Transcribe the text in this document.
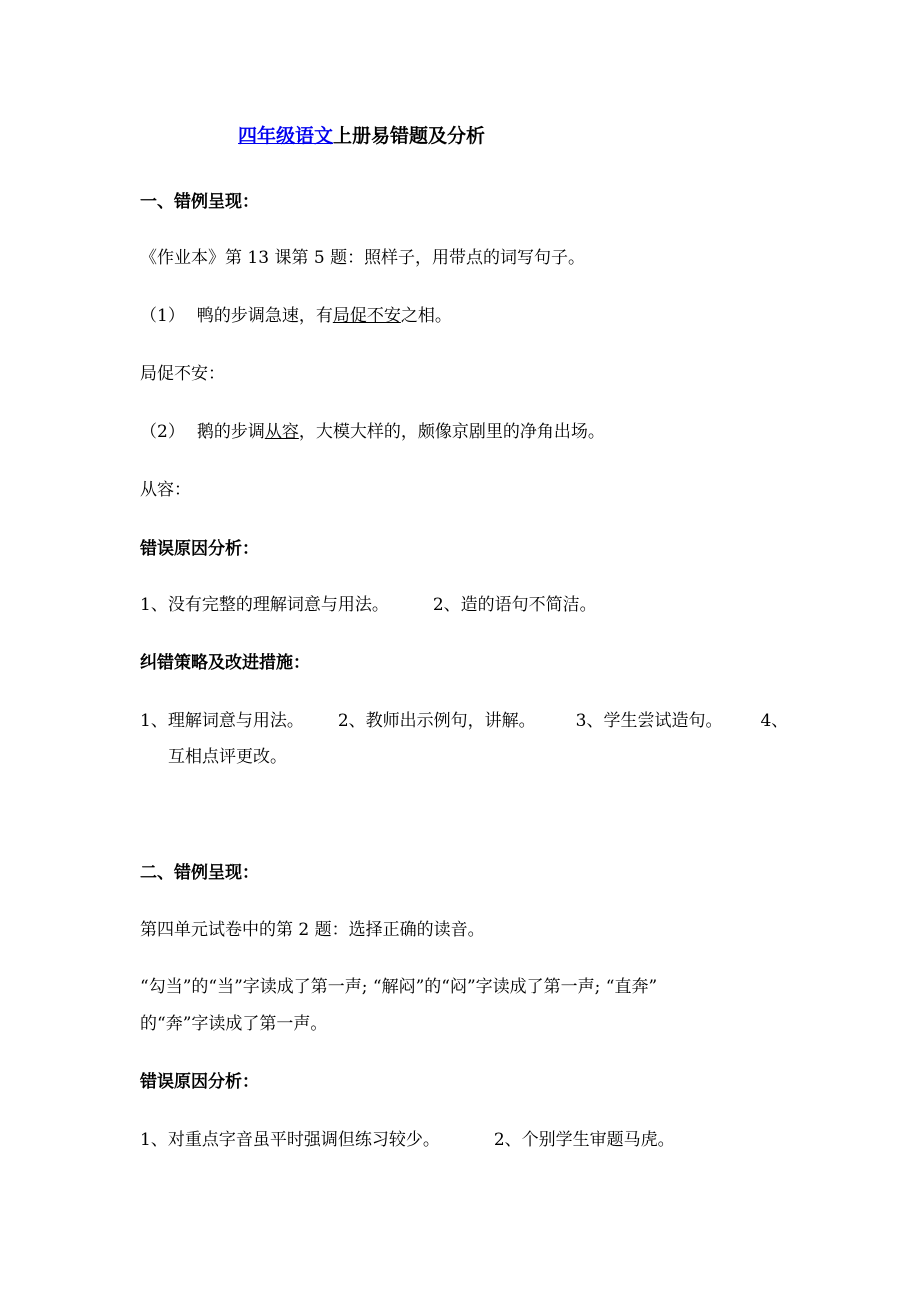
四年级语文上册易错题及分析
一、错例呈现：
《作业本》第 13 课第 5 题：照样子，用带点的词写句子。
（1） 鸭的步调急速，有局促不安之相。
局促不安：
（2） 鹅的步调从容，大模大样的，颇像京剧里的净角出场。
从容：
错误原因分析：
1、没有完整的理解词意与用法。	2、造的语句不简洁。
纠错策略及改进措施：
1、理解词意与用法。 2、教师出示例句，讲解。 3、学生尝试造句。 4、
互相点评更改。
二、错例呈现：
第四单元试卷中的第 2 题：选择正确的读音。
“勾当”的“当”字读成了第一声; “解闷”的“闷”字读成了第一声; “直奔”
的“奔”字读成了第一声。
错误原因分析：
1、对重点字音虽平时强调但练习较少。	2、个别学生审题马虎。
